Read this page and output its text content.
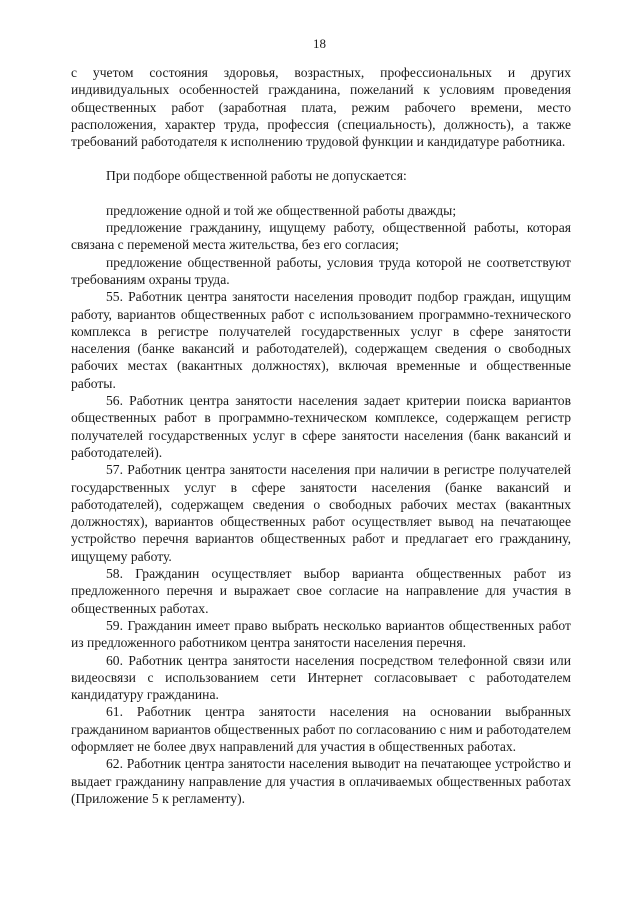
18

с учетом состояния здоровья, возрастных, профессиональных и других индивидуальных особенностей гражданина, пожеланий к условиям проведения общественных работ (заработная плата, режим рабочего времени, место расположения, характер труда, профессия (специальность), должность), а также требований работодателя к исполнению трудовой функции и кандидатуре работника.

При подборе общественной работы не допускается:

предложение одной и той же общественной работы дважды;

предложение гражданину, ищущему работу, общественной работы, которая связана с переменой места жительства, без его согласия;

предложение общественной работы, условия труда которой не соответствуют требованиям охраны труда.

55. Работник центра занятости населения проводит подбор граждан, ищущим работу, вариантов общественных работ с использованием программно-технического комплекса в регистре получателей государственных услуг в сфере занятости населения (банке вакансий и работодателей), содержащем сведения о свободных рабочих местах (вакантных должностях), включая временные и общественные работы.

56. Работник центра занятости населения задает критерии поиска вариантов общественных работ в программно-техническом комплексе, содержащем регистр получателей государственных услуг в сфере занятости населения (банк вакансий и работодателей).

57. Работник центра занятости населения при наличии в регистре получателей государственных услуг в сфере занятости населения (банке вакансий и работодателей), содержащем сведения о свободных рабочих местах (вакантных должностях), вариантов общественных работ осуществляет вывод на печатающее устройство перечня вариантов общественных работ и предлагает его гражданину, ищущему работу.

58. Гражданин осуществляет выбор варианта общественных работ из предложенного перечня и выражает свое согласие на направление для участия в общественных работах.

59. Гражданин имеет право выбрать несколько вариантов общественных работ из предложенного работником центра занятости населения перечня.

60. Работник центра занятости населения посредством телефонной связи или видеосвязи с использованием сети Интернет согласовывает с работодателем кандидатуру гражданина.

61. Работник центра занятости населения на основании выбранных гражданином вариантов общественных работ по согласованию с ним и работодателем оформляет не более двух направлений для участия в общественных работах.

62. Работник центра занятости населения выводит на печатающее устройство и выдает гражданину направление для участия в оплачиваемых общественных работах (Приложение 5 к регламенту).
